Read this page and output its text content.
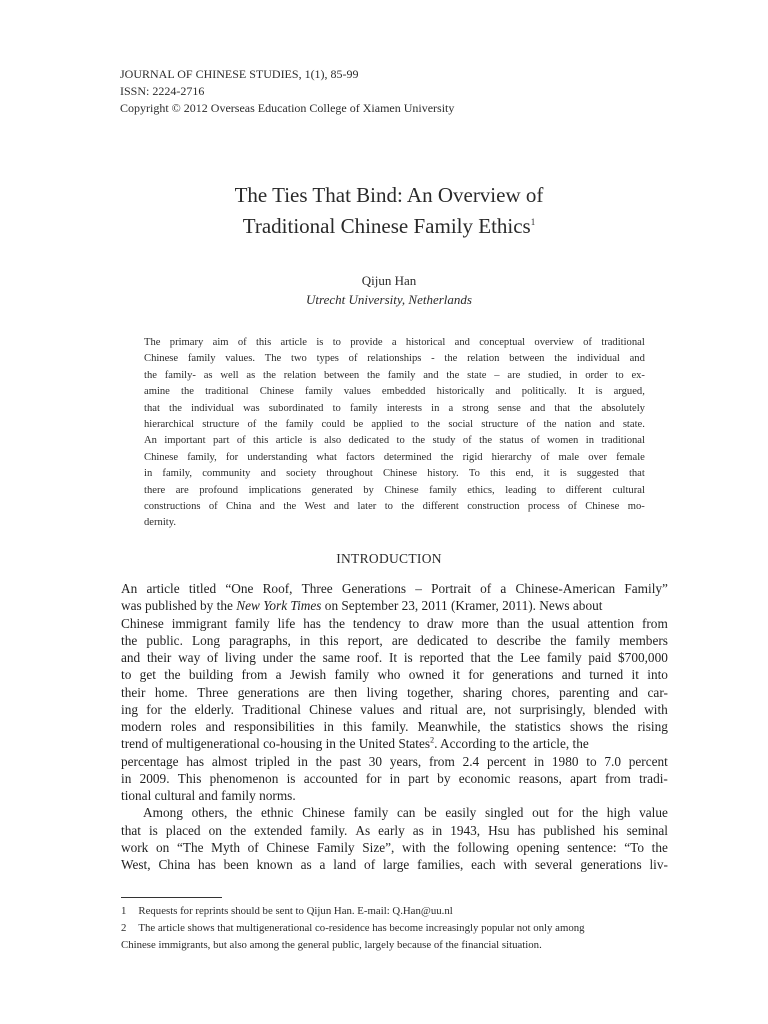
JOURNAL OF CHINESE STUDIES, 1(1), 85-99
ISSN: 2224-2716
Copyright © 2012 Overseas Education College of Xiamen University
The Ties That Bind: An Overview of
Traditional Chinese Family Ethics$^1$
Qijun Han
Utrecht University, Netherlands
The primary aim of this article is to provide a historical and conceptual overview of traditional
Chinese family values. The two types of relationships - the relation between the individual and
the family- as well as the relation between the family and the state – are studied, in order to ex-
amine the traditional Chinese family values embedded historically and politically. It is argued,
that the individual was subordinated to family interests in a strong sense and that the absolutely
hierarchical structure of the family could be applied to the social structure of the nation and state.
An important part of this article is also dedicated to the study of the status of women in traditional
Chinese family, for understanding what factors determined the rigid hierarchy of male over female
in family, community and society throughout Chinese history. To this end, it is suggested that
there are profound implications generated by Chinese family ethics, leading to different cultural
constructions of China and the West and later to the different construction process of Chinese mo-
dernity.
INTRODUCTION
An article titled “One Roof, Three Generations – Portrait of a Chinese-American Family”
was published by the New York Times on September 23, 2011 (Kramer, 2011). News about
Chinese immigrant family life has the tendency to draw more than the usual attention from
the public. Long paragraphs, in this report, are dedicated to describe the family members
and their way of living under the same roof. It is reported that the Lee family paid $700,000
to get the building from a Jewish family who owned it for generations and turned it into
their home. Three generations are then living together, sharing chores, parenting and car-
ing for the elderly. Traditional Chinese values and ritual are, not surprisingly, blended with
modern roles and responsibilities in this family. Meanwhile, the statistics shows the rising
trend of multigenerational co-housing in the United States$^2$. According to the article, the
percentage has almost tripled in the past 30 years, from 2.4 percent in 1980 to 7.0 percent
in 2009. This phenomenon is accounted for in part by economic reasons, apart from tradi-
tional cultural and family norms.
Among others, the ethnic Chinese family can be easily singled out for the high value
that is placed on the extended family. As early as in 1943, Hsu has published his seminal
work on “The Myth of Chinese Family Size”, with the following opening sentence: “To the
West, China has been known as a land of large families, each with several generations liv-
1	Requests for reprints should be sent to Qijun Han. E-mail: Q.Han@uu.nl
2 The article shows that multigenerational co-residence has become increasingly popular not only among
Chinese immigrants, but also among the general public, largely because of the financial situation.
